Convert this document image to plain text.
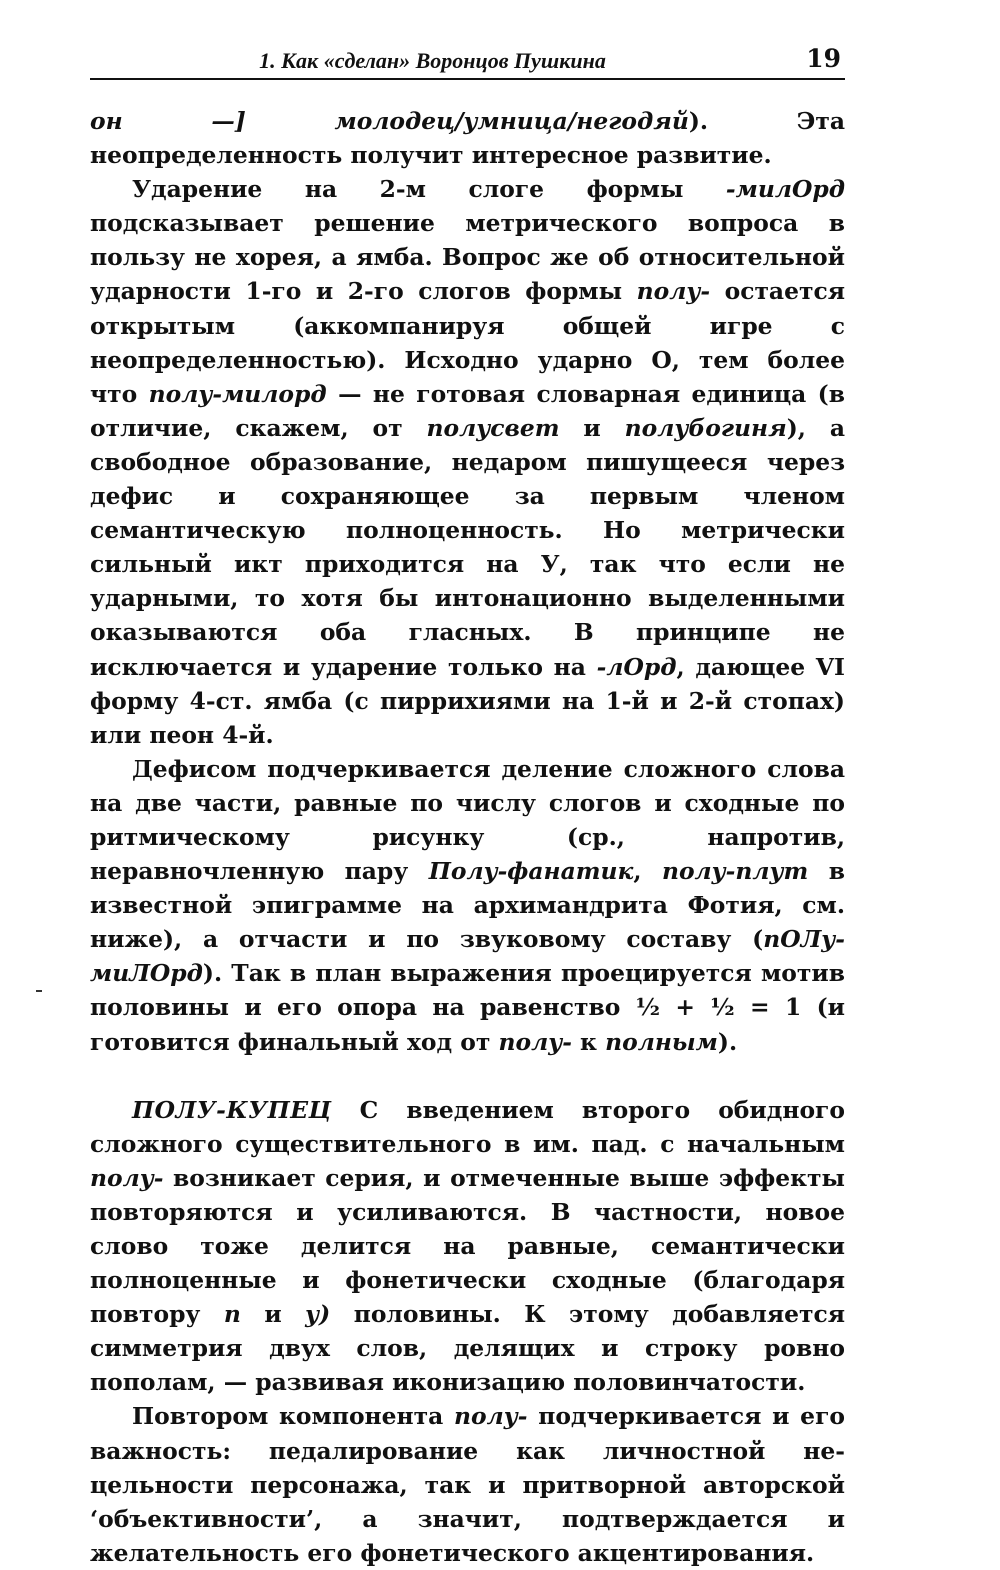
1. Как «сделан» Воронцов Пушкина	19

он —] молодец/умница/негодяй). Эта неопределенность получит интересное развитие.

Ударение на 2-м слоге формы -милОрд подсказывает решение метрического вопроса в пользу не хорея, а ямба. Вопрос же об относительной ударности 1-го и 2-го слогов формы полу- остается открытым (аккомпанируя общей игре с неопределенностью). Исходно ударно О, тем более что полу-милорд — не готовая словарная единица (в отличие, скажем, от полусвет и полубогиня), а свободное образование, недаром пишущееся через дефис и сохраняющее за первым членом семантическую полноценность. Но метрически сильный икт приходится на У, так что если не ударными, то хотя бы интонационно выделенными оказываются оба гласных. В принципе не исключается и ударение только на -лОрд, дающее VI форму 4-ст. ямба (с пиррихиями на 1-й и 2-й стопах) или пеон 4-й.

Дефисом подчеркивается деление сложного слова на две части, равные по числу слогов и сходные по ритмическому рисунку (ср., напротив, неравночленную пару Полу-фанатик, полу-плут в известной эпиграмме на архимандрита Фотия, см. ниже), а отчасти и по звуковому составу (пОЛу-миЛОрд). Так в план выражения проецируется мотив половины и его опора на равенство ½ + ½ = 1 (и готовится финальный ход от полу- к полным).

ПОЛУ-КУПЕЦ С введением второго обидного сложного существительного в им. пад. с начальным полу- возникает серия, и отмеченные выше эффекты повторяются и усиливаются. В частности, новое слово тоже делится на равные, семантически полноценные и фонетически сходные (благодаря повтору п и у) половины. К этому добавляется симметрия двух слов, делящих и строку ровно пополам, — развивая иконизацию половинчатости.

Повтором компонента полу- подчеркивается и его важность: педалирование как личностной не-цельности персонажа, так и притворной авторской ‘объективности’, а значит, подтверждается и желательность его фонетического акцентирования.
